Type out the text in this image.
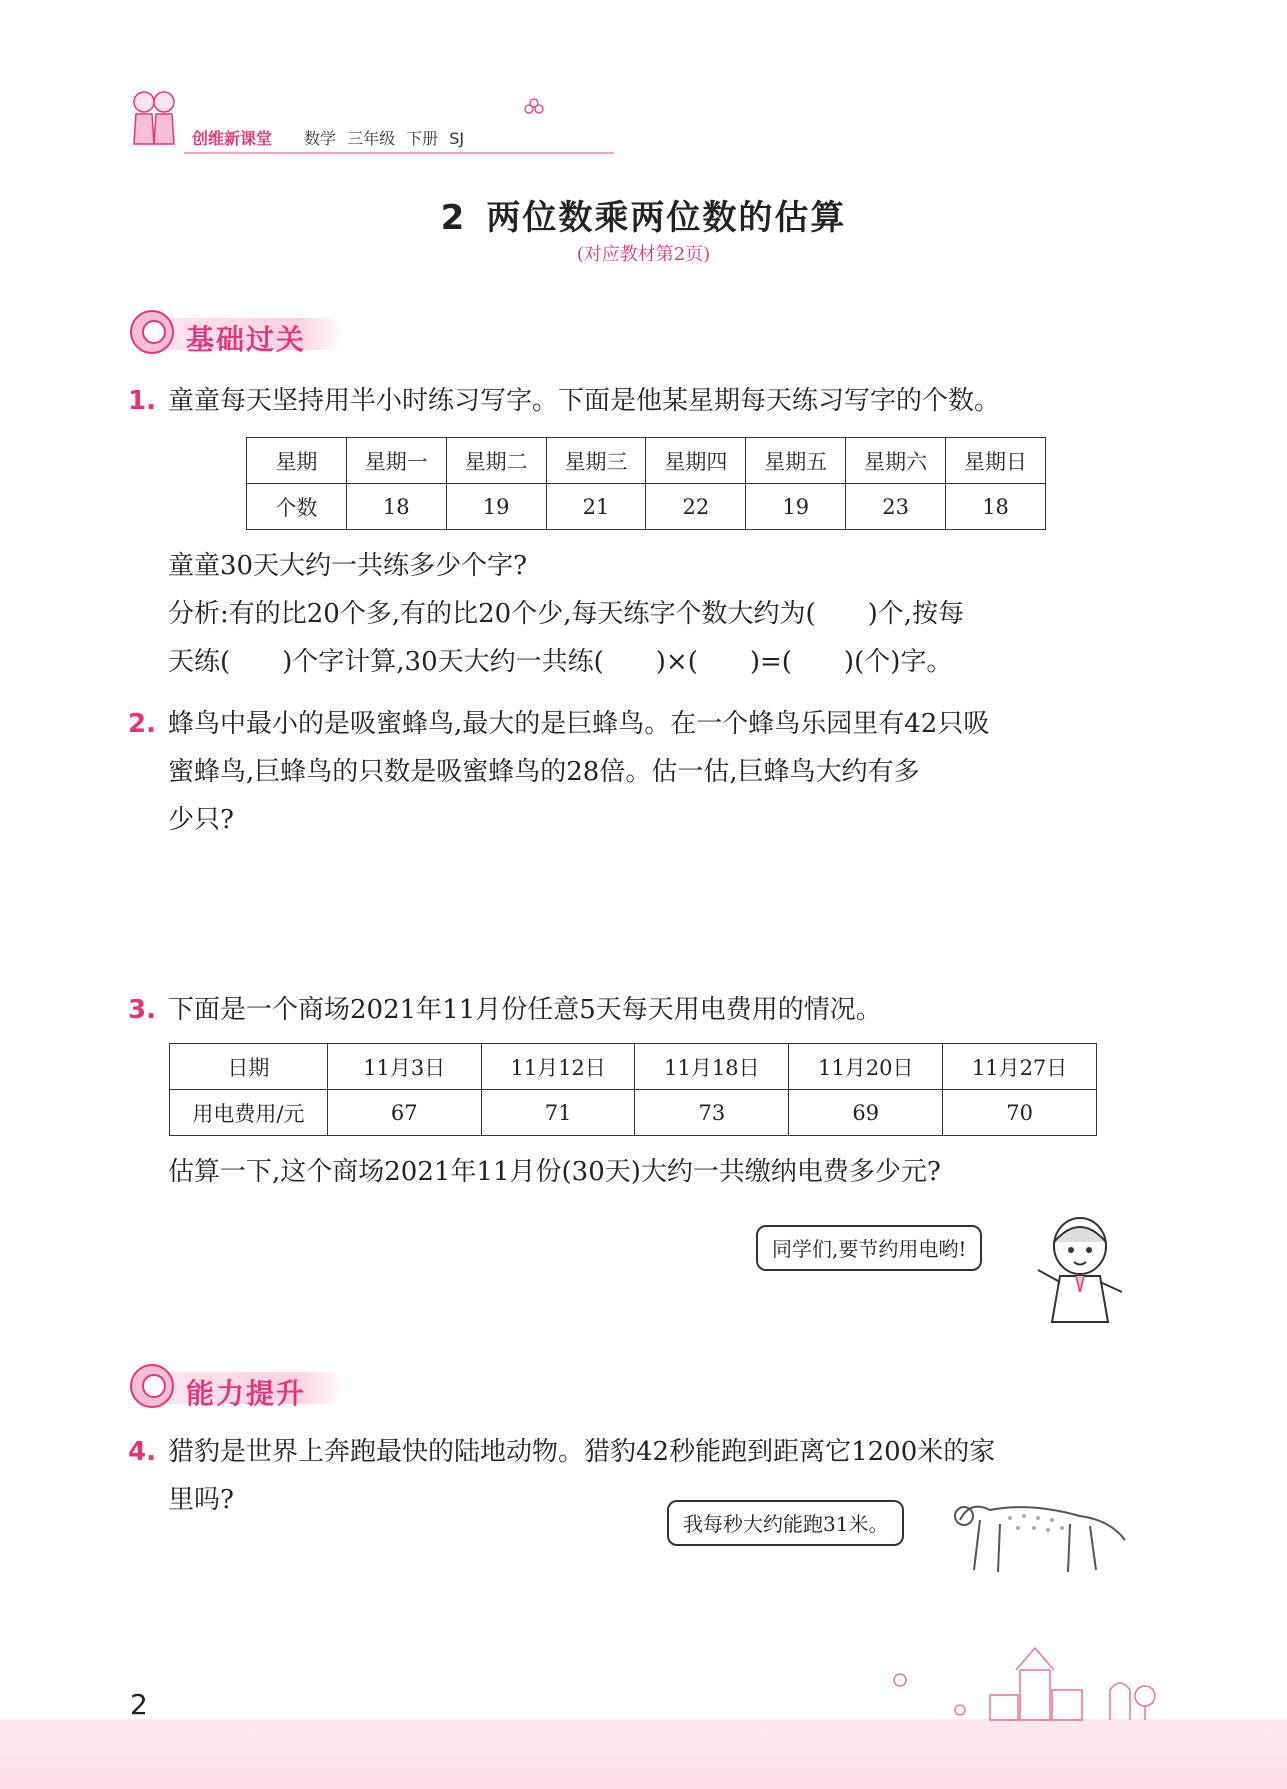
创维新课堂 数学 三年级 下册 SJ
2 两位数乘两位数的估算
(对应教材第2页)
基础过关
1. 童童每天坚持用半小时练习写字。下面是他某星期每天练习写字的个数。
星期	星期一	星期二	星期三	星期四	星期五	星期六	星期日
个数	18	19	21	22	19	23	18
童童30天大约一共练多少个字?
分析:有的比20个多,有的比20个少,每天练字个数大约为(　　)个,按每
天练(　　)个字计算,30天大约一共练(　　)×(　　)=(　　)(个)字。
2. 蜂鸟中最小的是吸蜜蜂鸟,最大的是巨蜂鸟。在一个蜂鸟乐园里有42只吸
蜜蜂鸟,巨蜂鸟的只数是吸蜜蜂鸟的28倍。估一估,巨蜂鸟大约有多
少只?
3. 下面是一个商场2021年11月份任意5天每天用电费用的情况。
日期	11月3日	11月12日	11月18日	11月20日	11月27日
用电费用/元	67	71	73	69	70
估算一下,这个商场2021年11月份(30天)大约一共缴纳电费多少元?
同学们,要节约用电哟!
能力提升
4. 猎豹是世界上奔跑最快的陆地动物。猎豹42秒能跑到距离它1200米的家
里吗?
我每秒大约能跑31米。
2
